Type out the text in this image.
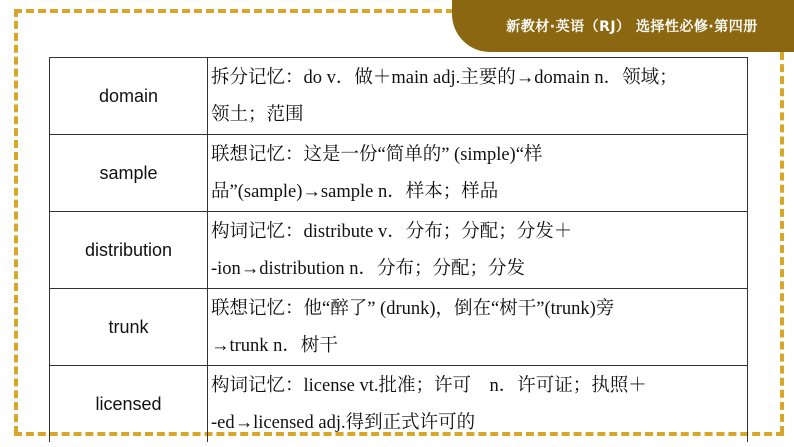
新教材·英语（RJ） 选择性必修·第四册
domain	拆分记忆：do v．做＋main adj.主要的→domain n．领域；
领土；范围

sample	联想记忆：这是一份“简单的” (simple)“样
品”(sample)→sample n．样本；样品

distribution	构词记忆：distribute v．分布；分配；分发＋
-ion→distribution n．分布；分配；分发

trunk	联想记忆：他“醉了” (drunk)，倒在“树干”(trunk)旁
→trunk n．树干

licensed	构词记忆：license vt.批准；许可　n．许可证；执照＋
-ed→licensed adj.得到正式许可的
